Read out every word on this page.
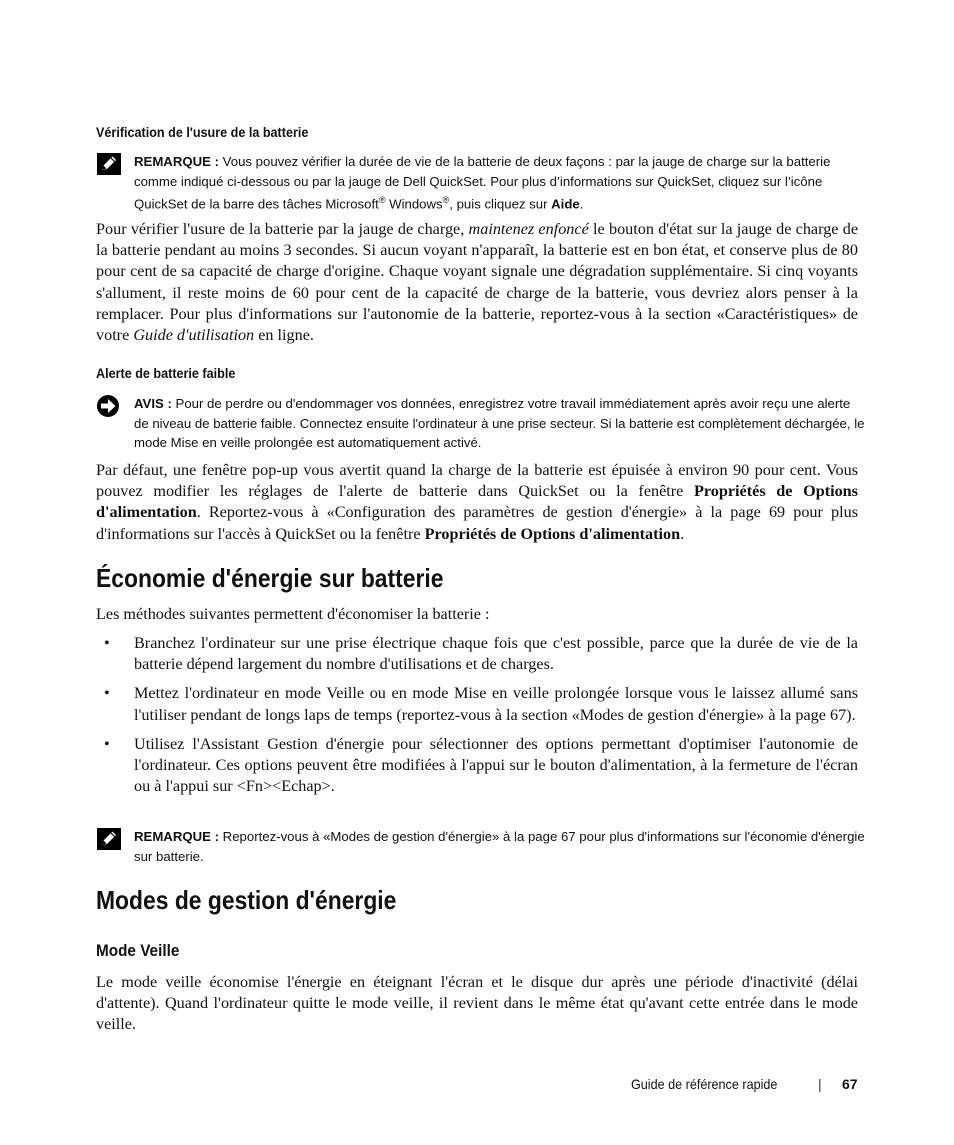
Vérification de l'usure de la batterie
REMARQUE : Vous pouvez vérifier la durée de vie de la batterie de deux façons : par la jauge de charge sur la batterie comme indiqué ci-dessous ou par la jauge de Dell QuickSet. Pour plus d’informations sur QuickSet, cliquez sur l’icône QuickSet de la barre des tâches Microsoft® Windows®, puis cliquez sur Aide.
Pour vérifier l'usure de la batterie par la jauge de charge, maintenez enfoncé le bouton d'état sur la jauge de charge de la batterie pendant au moins 3 secondes. Si aucun voyant n'apparaît, la batterie est en bon état, et conserve plus de 80 pour cent de sa capacité de charge d'origine. Chaque voyant signale une dégradation supplémentaire. Si cinq voyants s'allument, il reste moins de 60 pour cent de la capacité de charge de la batterie, vous devriez alors penser à la remplacer. Pour plus d'informations sur l'autonomie de la batterie, reportez-vous à la section «Caractéristiques» de votre Guide d'utilisation en ligne.
Alerte de batterie faible
AVIS : Pour de perdre ou d'endommager vos données, enregistrez votre travail immédiatement après avoir reçu une alerte de niveau de batterie faible. Connectez ensuite l'ordinateur à une prise secteur. Si la batterie est complètement déchargée, le mode Mise en veille prolongée est automatiquement activé.
Par défaut, une fenêtre pop-up vous avertit quand la charge de la batterie est épuisée à environ 90 pour cent. Vous pouvez modifier les réglages de l'alerte de batterie dans QuickSet ou la fenêtre Propriétés de Options d'alimentation. Reportez-vous à «Configuration des paramètres de gestion d'énergie» à la page 69 pour plus d'informations sur l'accès à QuickSet ou la fenêtre Propriétés de Options d'alimentation.
Économie d'énergie sur batterie
Les méthodes suivantes permettent d'économiser la batterie :
• Branchez l'ordinateur sur une prise électrique chaque fois que c'est possible, parce que la durée de vie de la batterie dépend largement du nombre d'utilisations et de charges.
• Mettez l'ordinateur en mode Veille ou en mode Mise en veille prolongée lorsque vous le laissez allumé sans l'utiliser pendant de longs laps de temps (reportez-vous à la section «Modes de gestion d'énergie» à la page 67).
• Utilisez l'Assistant Gestion d'énergie pour sélectionner des options permettant d'optimiser l'autonomie de l'ordinateur. Ces options peuvent être modifiées à l'appui sur le bouton d'alimentation, à la fermeture de l'écran ou à l'appui sur <Fn><Echap>.
REMARQUE : Reportez-vous à «Modes de gestion d'énergie» à la page 67 pour plus d'informations sur l'économie d'énergie sur batterie.
Modes de gestion d'énergie
Mode Veille
Le mode veille économise l'énergie en éteignant l'écran et le disque dur après une période d'inactivité (délai d'attente). Quand l'ordinateur quitte le mode veille, il revient dans le même état qu'avant cette entrée dans le mode veille.
Guide de référence rapide	| 67
